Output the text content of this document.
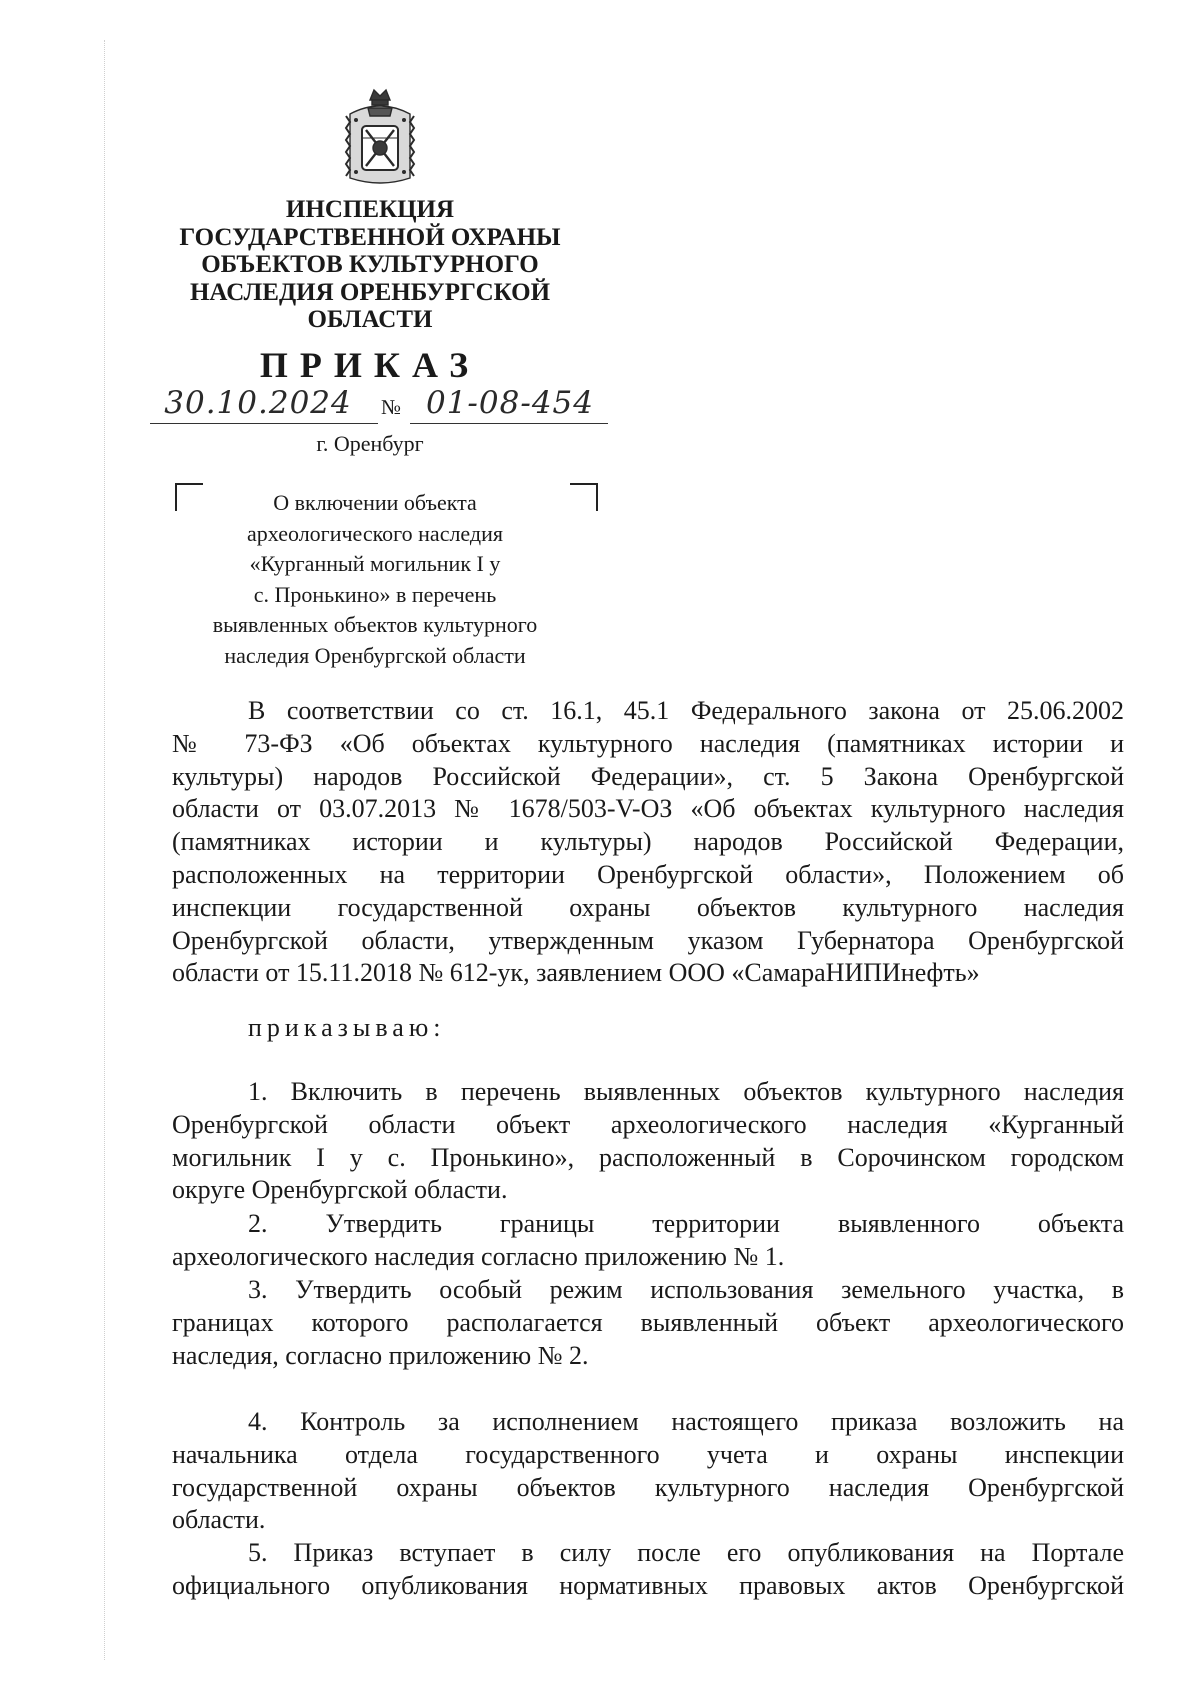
ИНСПЕКЦИЯ
ГОСУДАРСТВЕННОЙ ОХРАНЫ
ОБЪЕКТОВ КУЛЬТУРНОГО
НАСЛЕДИЯ ОРЕНБУРГСКОЙ
ОБЛАСТИ
ПРИКАЗ
30.10.2024 № 01-08-454
г. Оренбург
О включении объекта
археологического наследия
«Курганный могильник I у
с. Пронькино» в перечень
выявленных объектов культурного
наследия Оренбургской области
В соответствии со ст. 16.1, 45.1 Федерального закона от 25.06.2002
№ 73-ФЗ «Об объектах культурного наследия (памятниках истории и
культуры) народов Российской Федерации», ст. 5 Закона Оренбургской
области от 03.07.2013 № 1678/503-V-ОЗ «Об объектах культурного наследия
(памятниках истории и культуры) народов Российской Федерации,
расположенных на территории Оренбургской области», Положением об
инспекции государственной охраны объектов культурного наследия
Оренбургской области, утвержденным указом Губернатора Оренбургской
области от 15.11.2018 № 612-ук, заявлением ООО «СамараНИПИнефть»
приказываю:
1. Включить в перечень выявленных объектов культурного наследия
Оренбургской области объект археологического наследия «Курганный
могильник I у с. Пронькино», расположенный в Сорочинском городском
округе Оренбургской области.
2. Утвердить границы территории выявленного объекта
археологического наследия согласно приложению № 1.
3. Утвердить особый режим использования земельного участка, в
границах которого располагается выявленный объект археологического
наследия, согласно приложению № 2.
4. Контроль за исполнением настоящего приказа возложить на
начальника отдела государственного учета и охраны инспекции
государственной охраны объектов культурного наследия Оренбургской
области.
5. Приказ вступает в силу после его опубликования на Портале
официального опубликования нормативных правовых актов Оренбургской
